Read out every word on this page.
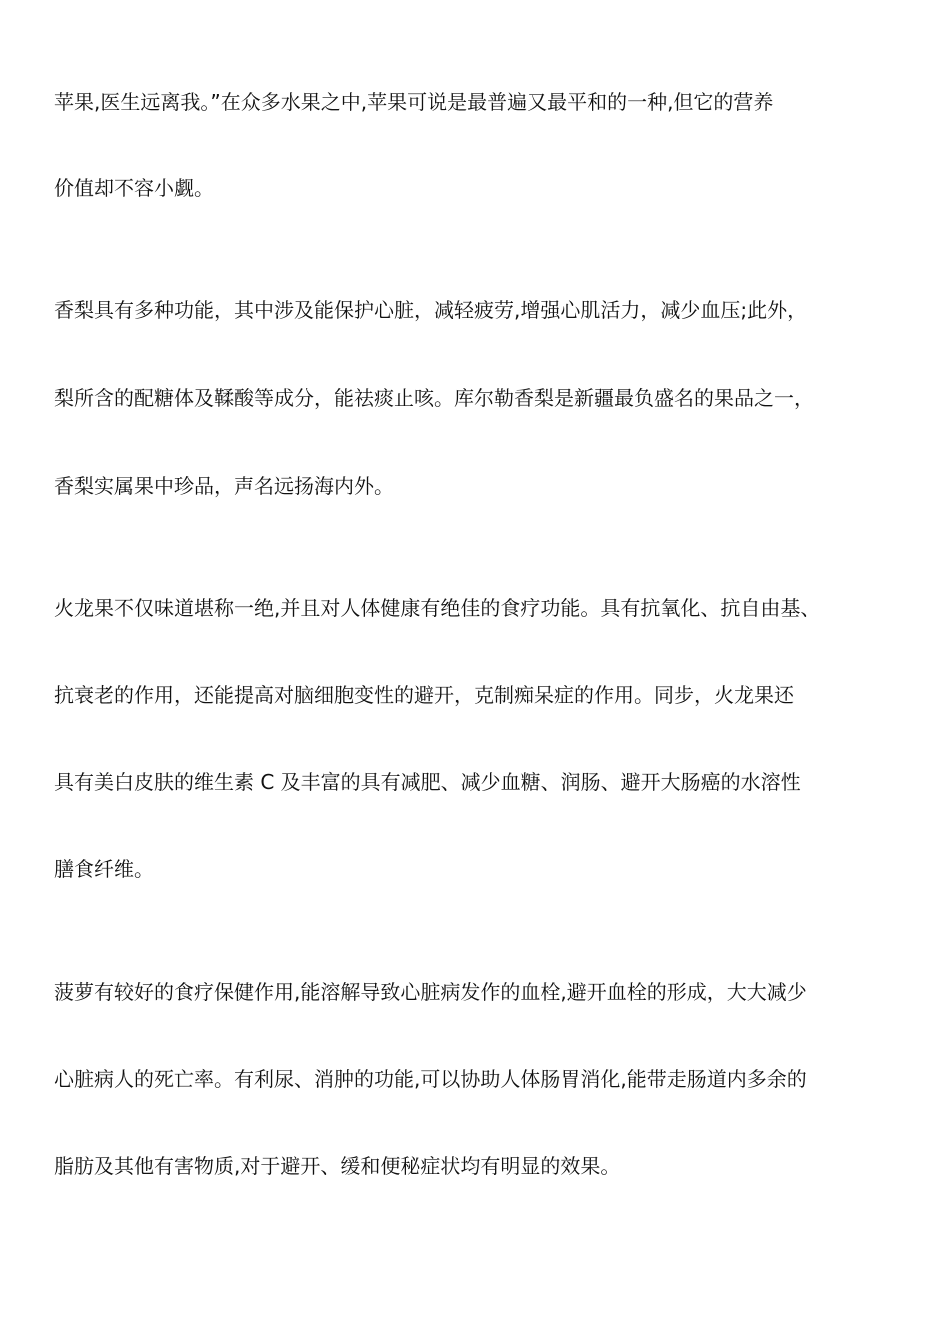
苹果,医生远离我。”在众多水果之中,苹果可说是最普遍又最平和的一种,但它的营养
价值却不容小觑。
香梨具有多种功能，其中涉及能保护心脏，减轻疲劳,增强心肌活力，减少血压;此外，
梨所含的配糖体及鞣酸等成分，能祛痰止咳。库尔勒香梨是新疆最负盛名的果品之一，
香梨实属果中珍品，声名远扬海内外。
火龙果不仅味道堪称一绝,并且对人体健康有绝佳的食疗功能。具有抗氧化、抗自由基、
抗衰老的作用，还能提高对脑细胞变性的避开，克制痴呆症的作用。同步，火龙果还
具有美白皮肤的维生素 C 及丰富的具有减肥、减少血糖、润肠、避开大肠癌的水溶性
膳食纤维。
菠萝有较好的食疗保健作用,能溶解导致心脏病发作的血栓,避开血栓的形成，大大减少
心脏病人的死亡率。有利尿、消肿的功能,可以协助人体肠胃消化,能带走肠道内多余的
脂肪及其他有害物质,对于避开、缓和便秘症状均有明显的效果。
